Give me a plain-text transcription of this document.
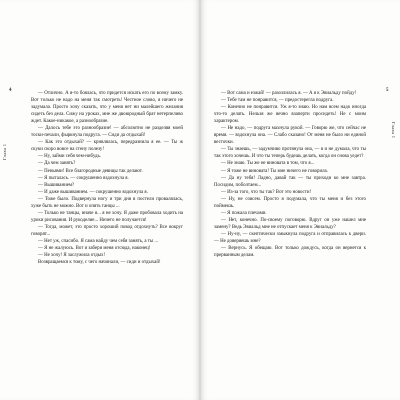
4	5
Глава 1
Глава 1

— Отлично. А я-то боялась, что придется искать его по всему замку. Вот только не надо на меня так смотреть! Честное слово, я ничего не задумала. Просто хочу сказать, что у меня нет ни малейшего желания сидеть без дела. Сижу на уроках, мне же двоюродный брат нетерпеливо ждет. Какое-никакое, а разнообразие.

— Далось тебе это разнообразие! — абсолютно не разделяя моей тоски-печали, фыркнула подруга. — Сиди да отдыхай!

— Как это отдыхай? — кривлялась, передразнила я ее. — Ты ж скуки скоро вовсе на стену полезу!

— Ну, займи себя чем-нибудь.

— Да чем занять?

— Пеньями! Все благородные девицы так делают.

— Я пыталась. — сокрушенно вздохнула я.

— Вышиванием?

— И даже вышиванием. — сокрушенно вздохнула я.

— Тоже было. Подвернула ногу и три дня в постели провалялась, хуже быть не можно. Вот и опять танцы ...

— Только не танцы, иначе я... я не хочу. Я даже пробовала ходить на уроки рисования. И рукоделие... Ничего не получается!

— Тогда, может, это просто хороший повод отдохнуть? Все вокруг говорят...

— Нет уж, спасибо. Я сама найду чем себя занять, а ты ...

— Я не жалуюсь. Вот и забери меня отсюда, наконец!

— Не хочу! Я заслужила отдых!

Возвращаемся к тому, с чего начинали, — сиди и отдыхай!

— Вот сама и езжай! — разозлилась я. — А я к Эвиальду пойду!

— Тебе там не понравится, — предостерегла подруга.

— Конечно не понравится. Уж я-то знаю. Но нам всем надо иногда что-то делать. Нельзя же вечно взаперти просидеть! Не с моим характером.

— Не надо, — подруга махнула рукой. — Говорю же, что сейчас не время. — вздохнула она. — Слабо сказано! От меня не было ни единой весточки.

— Ты знаешь, — задумчиво протянула она, — я и не думала, что ты так этого хочешь. И что ты теперь будешь делать, когда он снова уедет?

— Не знаю. Ты же не виновата в том, что я...

— Я тоже не виновата! Ты мне ничего не говорила.

— Да ну тебя! Ладно, давай так — ты приходи ко мне завтра. Посидим, поболтаем...

— Из-за того, что ты так? Вот это новости!

— Ну, не совсем. Просто я подумала, что ты меня и без этого поймешь.

— Я пожала плечами.

— Нет, конечно. По-своему поговорю. Вдруг он уже нашел мне замену? Ведь Эвиальд мне не отпускает меня к Эвиальду?

— Ну-ну, — скептически хмыкнула подруга и отправилась к двери. — Не доверяешь мне?

— Вернусь. Я обещаю. Вот только дождусь, когда он вернется к прерванным делам.
